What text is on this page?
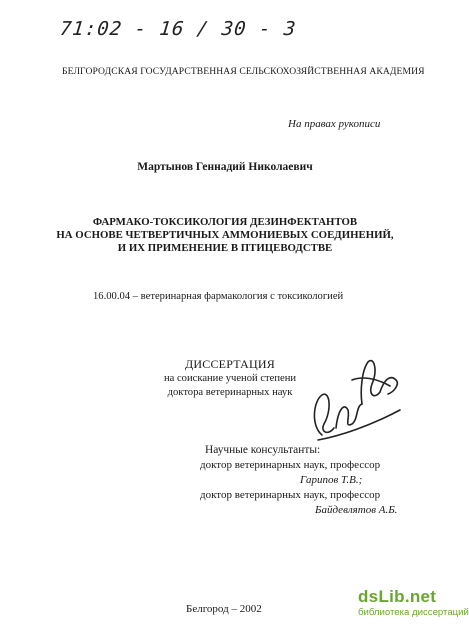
71:02 - 16 / 30 - 3
БЕЛГОРОДСКАЯ ГОСУДАРСТВЕННАЯ СЕЛЬСКОХОЗЯЙСТВЕННАЯ АКАДЕМИЯ
На правах рукописи
Мартынов Геннадий Николаевич
ФАРМАКО-ТОКСИКОЛОГИЯ ДЕЗИНФЕКТАНТОВ
НА ОСНОВЕ ЧЕТВЕРТИЧНЫХ АММОНИЕВЫХ СОЕДИНЕНИЙ,
И ИХ ПРИМЕНЕНИЕ В ПТИЦЕВОДСТВЕ
16.00.04 – ветеринарная фармакология с токсикологией
ДИССЕРТАЦИЯ
на соискание ученой степени
доктора ветеринарных наук
Научные консультанты:
доктор ветеринарных наук, профессор
Гарипов Т.В.;
доктор ветеринарных наук, профессор
Байдевлятов А.Б.
Белгород – 2002
dsLib.net
библиотека диссертаций
